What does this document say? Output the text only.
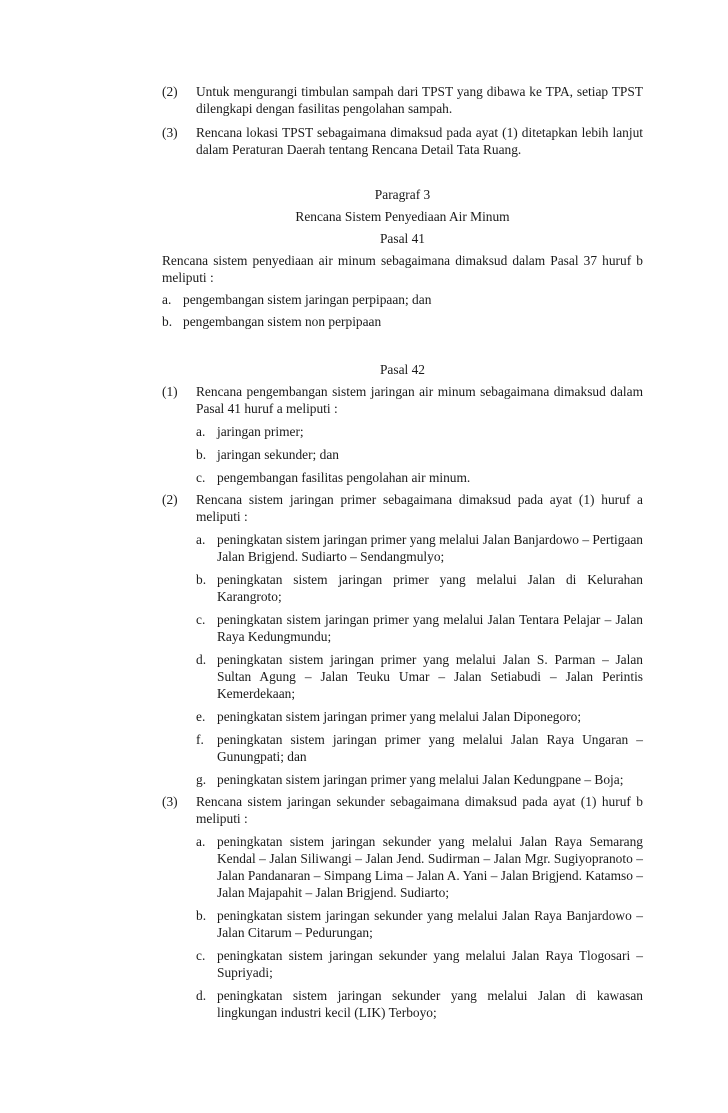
(2)	Untuk mengurangi timbulan sampah dari TPST yang dibawa ke TPA, setiap TPST dilengkapi dengan fasilitas pengolahan sampah.
(3)	Rencana lokasi TPST sebagaimana dimaksud pada ayat (1) ditetapkan lebih lanjut dalam Peraturan Daerah tentang Rencana Detail Tata Ruang.
Paragraf 3
Rencana Sistem Penyediaan Air Minum
Pasal 41
Rencana sistem penyediaan air minum sebagaimana dimaksud dalam Pasal 37 huruf b meliputi :
a. pengembangan sistem jaringan perpipaan; dan
b. pengembangan sistem non perpipaan
Pasal 42
(1)	Rencana pengembangan sistem jaringan air minum sebagaimana dimaksud dalam Pasal 41 huruf a meliputi :
a. jaringan primer;
b. jaringan sekunder; dan
c. pengembangan fasilitas pengolahan air minum.
(2)	Rencana sistem jaringan primer sebagaimana dimaksud pada ayat (1) huruf a meliputi :
a. peningkatan sistem jaringan primer yang melalui Jalan Banjardowo – Pertigaan Jalan Brigjend. Sudiarto – Sendangmulyo;
b. peningkatan sistem jaringan primer yang melalui Jalan di Kelurahan Karangroto;
c. peningkatan sistem jaringan primer yang melalui Jalan Tentara Pelajar – Jalan Raya Kedungmundu;
d. peningkatan sistem jaringan primer yang melalui Jalan S. Parman – Jalan Sultan Agung – Jalan Teuku Umar – Jalan Setiabudi – Jalan Perintis Kemerdekaan;
e. peningkatan sistem jaringan primer yang melalui Jalan Diponegoro;
f. peningkatan sistem jaringan primer yang melalui Jalan Raya Ungaran – Gunungpati; dan
g. peningkatan sistem jaringan primer yang melalui Jalan Kedungpane – Boja;
(3)	Rencana sistem jaringan sekunder sebagaimana dimaksud pada ayat (1) huruf b meliputi :
a. peningkatan sistem jaringan sekunder yang melalui Jalan Raya Semarang Kendal – Jalan Siliwangi – Jalan Jend. Sudirman – Jalan Mgr. Sugiyopranoto – Jalan Pandanaran – Simpang Lima – Jalan A. Yani – Jalan Brigjend. Katamso – Jalan Majapahit – Jalan Brigjend. Sudiarto;
b. peningkatan sistem jaringan sekunder yang melalui Jalan Raya Banjardowo – Jalan Citarum – Pedurungan;
c. peningkatan sistem jaringan sekunder yang melalui Jalan Raya Tlogosari – Supriyadi;
d. peningkatan sistem jaringan sekunder yang melalui Jalan di kawasan lingkungan industri kecil (LIK) Terboyo;
